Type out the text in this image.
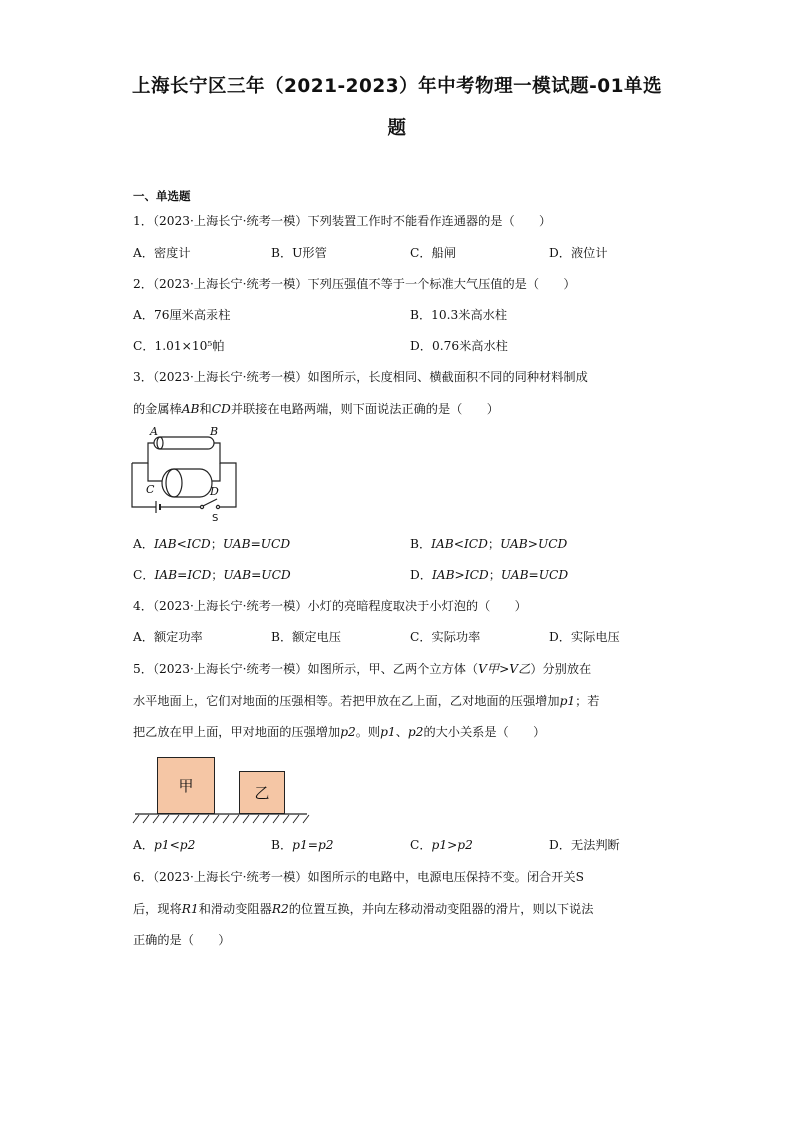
上海长宁区三年（2021-2023）年中考物理一模试题-01单选
题
一、单选题
1．（2023·上海长宁·统考一模）下列装置工作时不能看作连通器的是（　　）
A．密度计	B．U形管	C．船闸	D．液位计
2．（2023·上海长宁·统考一模）下列压强值不等于一个标准大气压值的是（　　）
A．76厘米高汞柱	B．10.3米高水柱
C．1.01×10⁵帕	D．0.76米高水柱
3．（2023·上海长宁·统考一模）如图所示，长度相同、横截面积不同的同种材料制成
的金属棒AB和CD并联接在电路两端，则下面说法正确的是（　　）
A	B
C	D
S
A．IAB<ICD；UAB=UCD	B．IAB<ICD；UAB>UCD
C．IAB=ICD；UAB=UCD	D．IAB>ICD；UAB=UCD
4．（2023·上海长宁·统考一模）小灯的亮暗程度取决于小灯泡的（　　）
A．额定功率	B．额定电压	C．实际功率	D．实际电压
5．（2023·上海长宁·统考一模）如图所示，甲、乙两个立方体（V甲>V乙）分别放在
水平地面上，它们对地面的压强相等。若把甲放在乙上面，乙对地面的压强增加p1；若
把乙放在甲上面，甲对地面的压强增加p2。则p1、p2的大小关系是（　　）
甲	乙
A．p1<p2	B．p1=p2	C．p1>p2	D．无法判断
6．（2023·上海长宁·统考一模）如图所示的电路中，电源电压保持不变。闭合开关S
后，现将R1和滑动变阻器R2的位置互换，并向左移动滑动变阻器的滑片，则以下说法
正确的是（　　）
